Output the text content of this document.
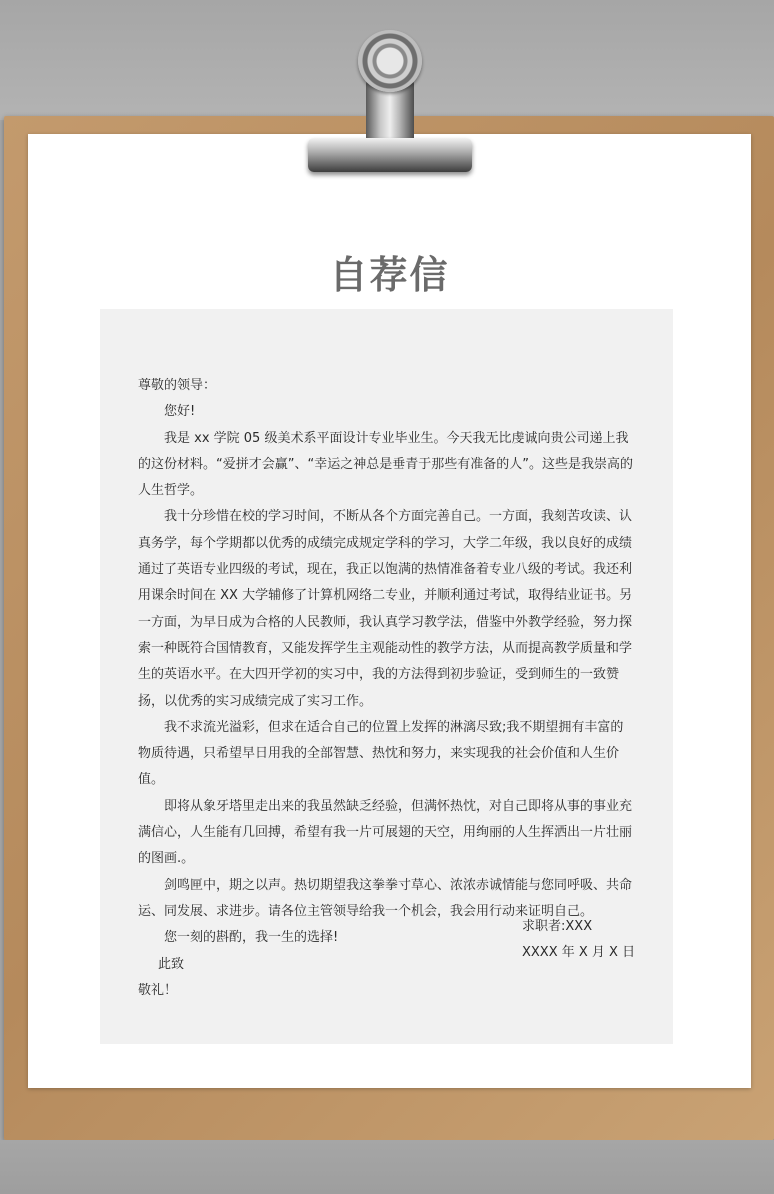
自荐信

尊敬的领导：

您好!

我是 xx 学院 05 级美术系平面设计专业毕业生。今天我无比虔诚向贵公司递上我的这份材料。“爱拼才会赢”、“幸运之神总是垂青于那些有准备的人”。这些是我崇高的人生哲学。

我十分珍惜在校的学习时间，不断从各个方面完善自己。一方面，我刻苦攻读、认真务学，每个学期都以优秀的成绩完成规定学科的学习，大学二年级，我以良好的成绩通过了英语专业四级的考试，现在，我正以饱满的热情准备着专业八级的考试。我还利用课余时间在 XX 大学辅修了计算机网络二专业，并顺利通过考试，取得结业证书。另一方面，为早日成为合格的人民教师，我认真学习教学法，借鉴中外教学经验，努力探索一种既符合国情教育，又能发挥学生主观能动性的教学方法，从而提高教学质量和学生的英语水平。在大四开学初的实习中，我的方法得到初步验证，受到师生的一致赞扬，以优秀的实习成绩完成了实习工作。

我不求流光溢彩，但求在适合自己的位置上发挥的淋漓尽致;我不期望拥有丰富的物质待遇，只希望早日用我的全部智慧、热忱和努力，来实现我的社会价值和人生价值。

即将从象牙塔里走出来的我虽然缺乏经验，但满怀热忱，对自己即将从事的事业充满信心，人生能有几回搏，希望有我一片可展翅的天空，用绚丽的人生挥洒出一片壮丽的图画.。

剑鸣匣中，期之以声。热切期望我这拳拳寸草心、浓浓赤诚情能与您同呼吸、共命运、同发展、求进步。请各位主管领导给我一个机会，我会用行动来证明自己。

您一刻的斟酌，我一生的选择!

此致

敬礼！

求职者:XXX
XXXX 年 X 月 X 日
